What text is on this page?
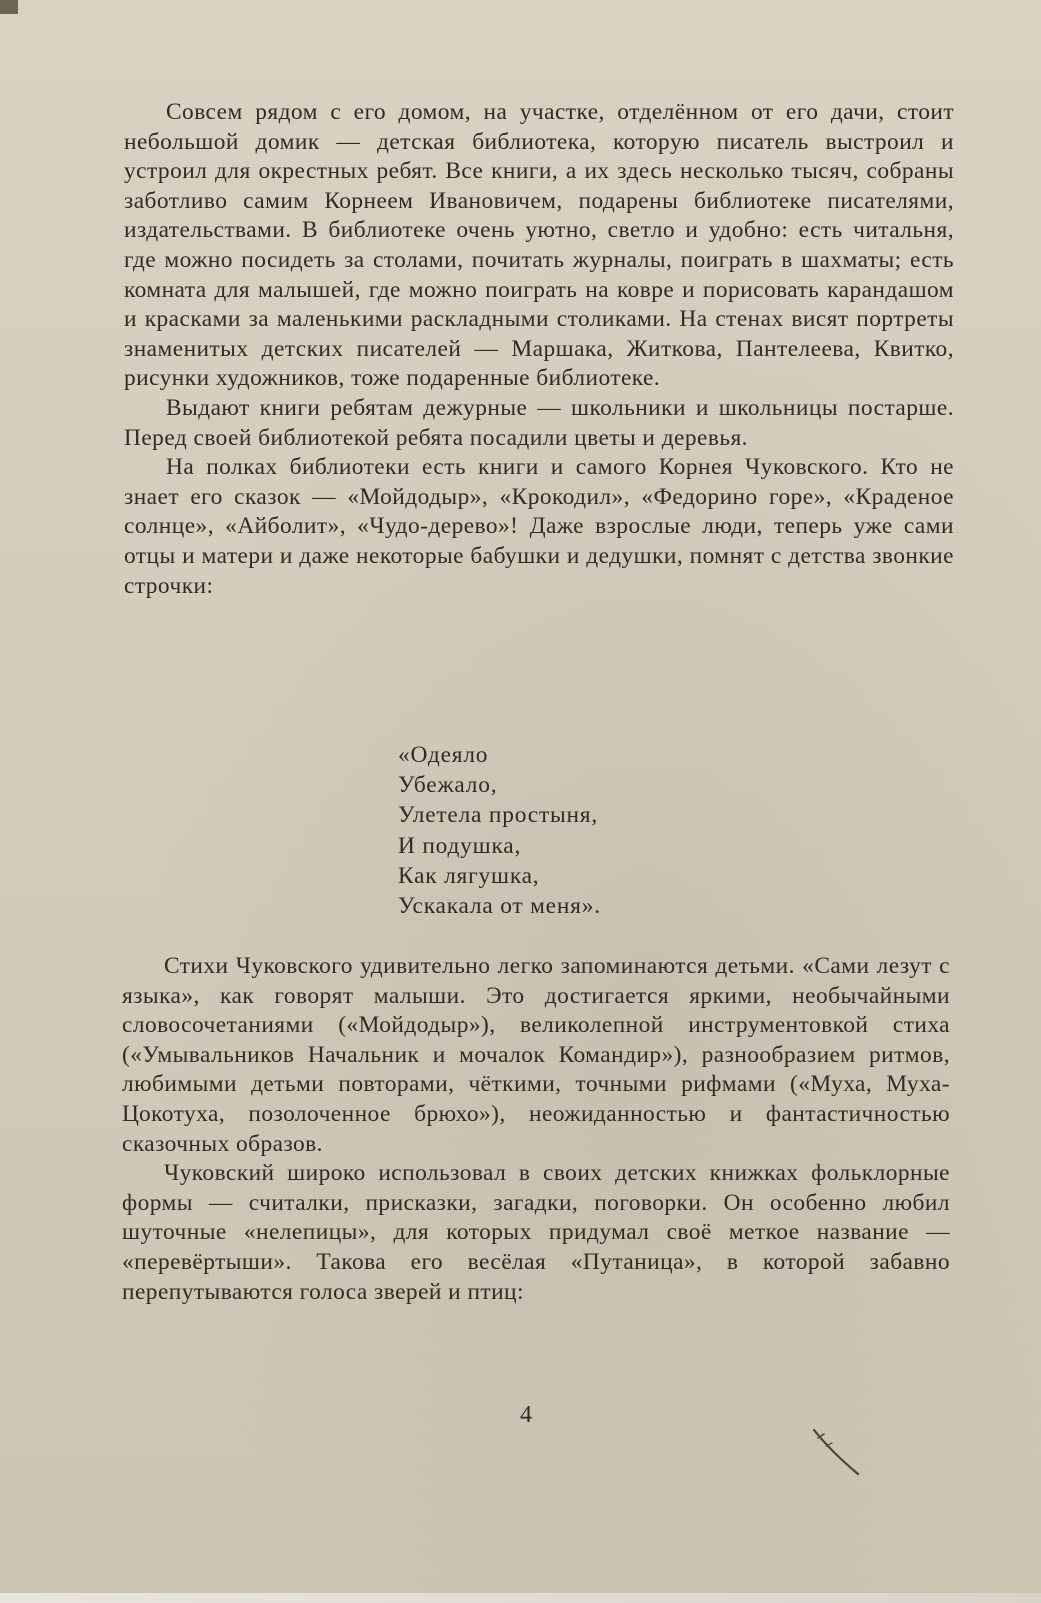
Совсем рядом с его домом, на участке, отделённом от его дачи, стоит небольшой домик — детская библиотека, которую писатель выстроил и устроил для окрестных ребят. Все книги, а их здесь несколько тысяч, собраны заботливо самим Корнеем Ивановичем, подарены библиотеке писателями, издательствами. В библиотеке очень уютно, светло и удобно: есть читальня, где можно посидеть за столами, почитать журналы, поиграть в шахматы; есть комната для малышей, где можно поиграть на ковре и порисовать карандашом и красками за маленькими раскладными столиками. На стенах висят портреты знаменитых детских писателей — Маршака, Житкова, Пантелеева, Квитко, рисунки художников, тоже подаренные библиотеке.

Выдают книги ребятам дежурные — школьники и школьницы постарше. Перед своей библиотекой ребята посадили цветы и деревья.

На полках библиотеки есть книги и самого Корнея Чуковского. Кто не знает его сказок — «Мойдодыр», «Крокодил», «Федорино горе», «Краденое солнце», «Айболит», «Чудо-дерево»! Даже взрослые люди, теперь уже сами отцы и матери и даже некоторые бабушки и дедушки, помнят с детства звонкие строчки:

«Одеяло
Убежало,
Улетела простыня,
И подушка,
Как лягушка,
Ускакала от меня».

Стихи Чуковского удивительно легко запоминаются детьми. «Сами лезут с языка», как говорят малыши. Это достигается яркими, необычайными словосочетаниями («Мойдодыр»), великолепной инструментовкой стиха («Умывальников Начальник и мочалок Командир»), разнообразием ритмов, любимыми детьми повторами, чёткими, точными рифмами («Муха, Муха-Цокотуха, позолоченное брюхо»), неожиданностью и фантастичностью сказочных образов.

Чуковский широко использовал в своих детских книжках фольклорные формы — считалки, присказки, загадки, поговорки. Он особенно любил шуточные «нелепицы», для которых придумал своё меткое название — «перевёртыши». Такова его весёлая «Путаница», в которой забавно перепутываются голоса зверей и птиц:

4
